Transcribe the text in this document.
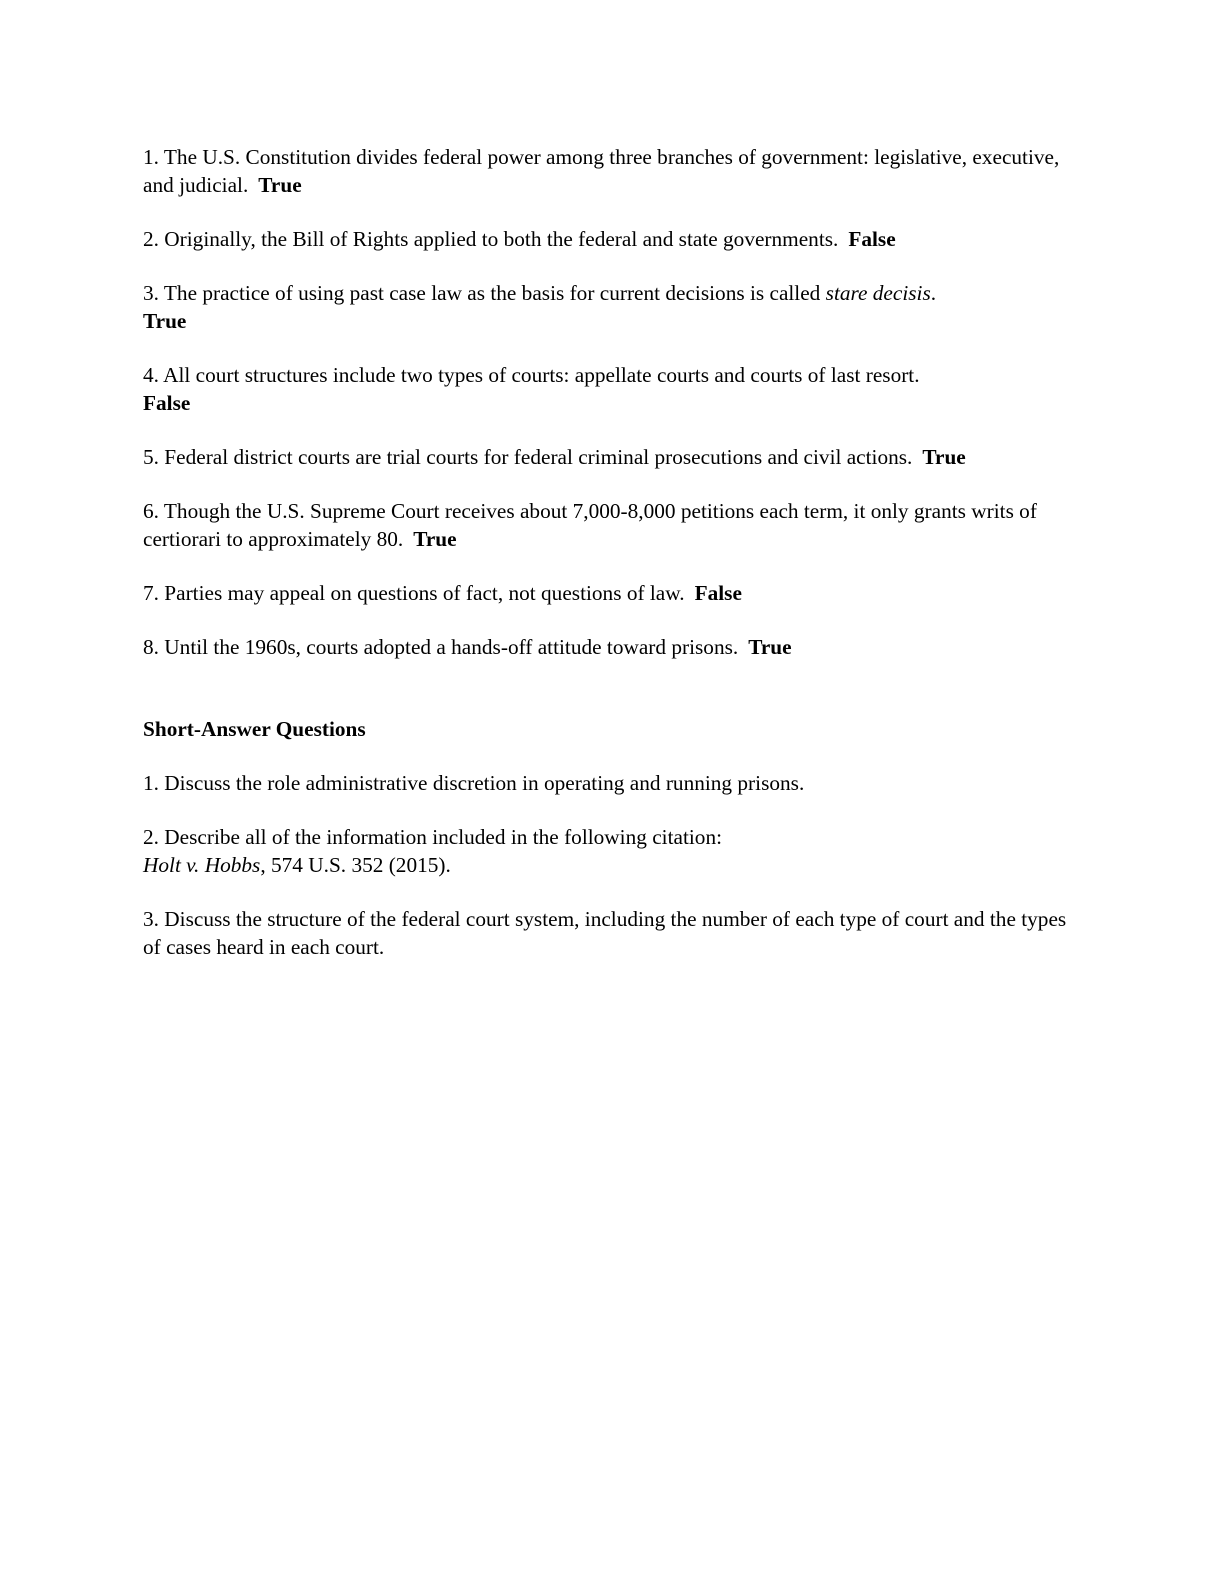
1. The U.S. Constitution divides federal power among three branches of government: legislative, executive, and judicial. True
2. Originally, the Bill of Rights applied to both the federal and state governments. False
3. The practice of using past case law as the basis for current decisions is called stare decisis.
True
4. All court structures include two types of courts: appellate courts and courts of last resort.
False
5. Federal district courts are trial courts for federal criminal prosecutions and civil actions. True
6. Though the U.S. Supreme Court receives about 7,000-8,000 petitions each term, it only grants writs of certiorari to approximately 80. True
7. Parties may appeal on questions of fact, not questions of law. False
8. Until the 1960s, courts adopted a hands-off attitude toward prisons. True
Short-Answer Questions
1. Discuss the role administrative discretion in operating and running prisons.
2. Describe all of the information included in the following citation:
Holt v. Hobbs, 574 U.S. 352 (2015).
3. Discuss the structure of the federal court system, including the number of each type of court and the types of cases heard in each court.
